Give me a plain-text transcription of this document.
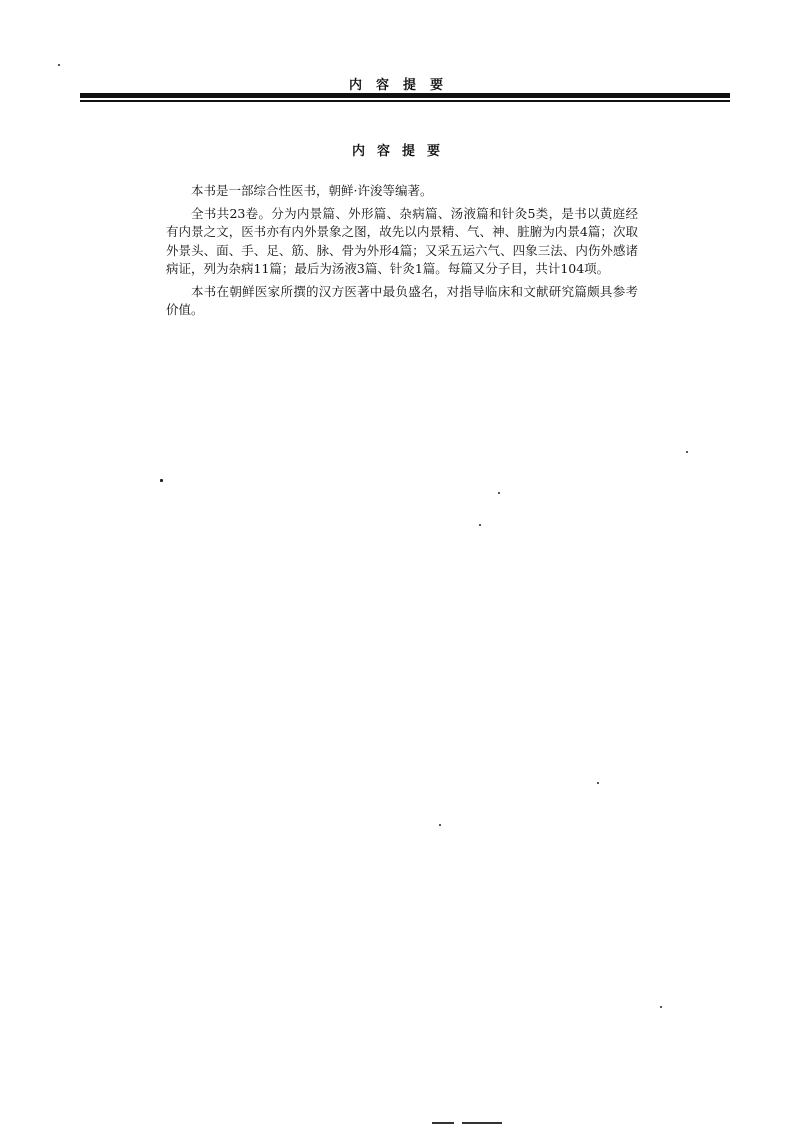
内容提要
内容提要

本书是一部综合性医书，朝鲜·许浚等编著。

全书共23卷。分为内景篇、外形篇、杂病篇、汤液篇和针灸5类，是书以黄庭经有内景之文，医书亦有内外景象之图，故先以内景精、气、神、脏腑为内景4篇；次取外景头、面、手、足、筋、脉、骨为外形4篇；又采五运六气、四象三法、内伤外感诸病证，列为杂病11篇；最后为汤液3篇、针灸1篇。每篇又分子目，共计104项。

本书在朝鲜医家所撰的汉方医著中最负盛名，对指导临床和文献研究篇颇具参考价值。
